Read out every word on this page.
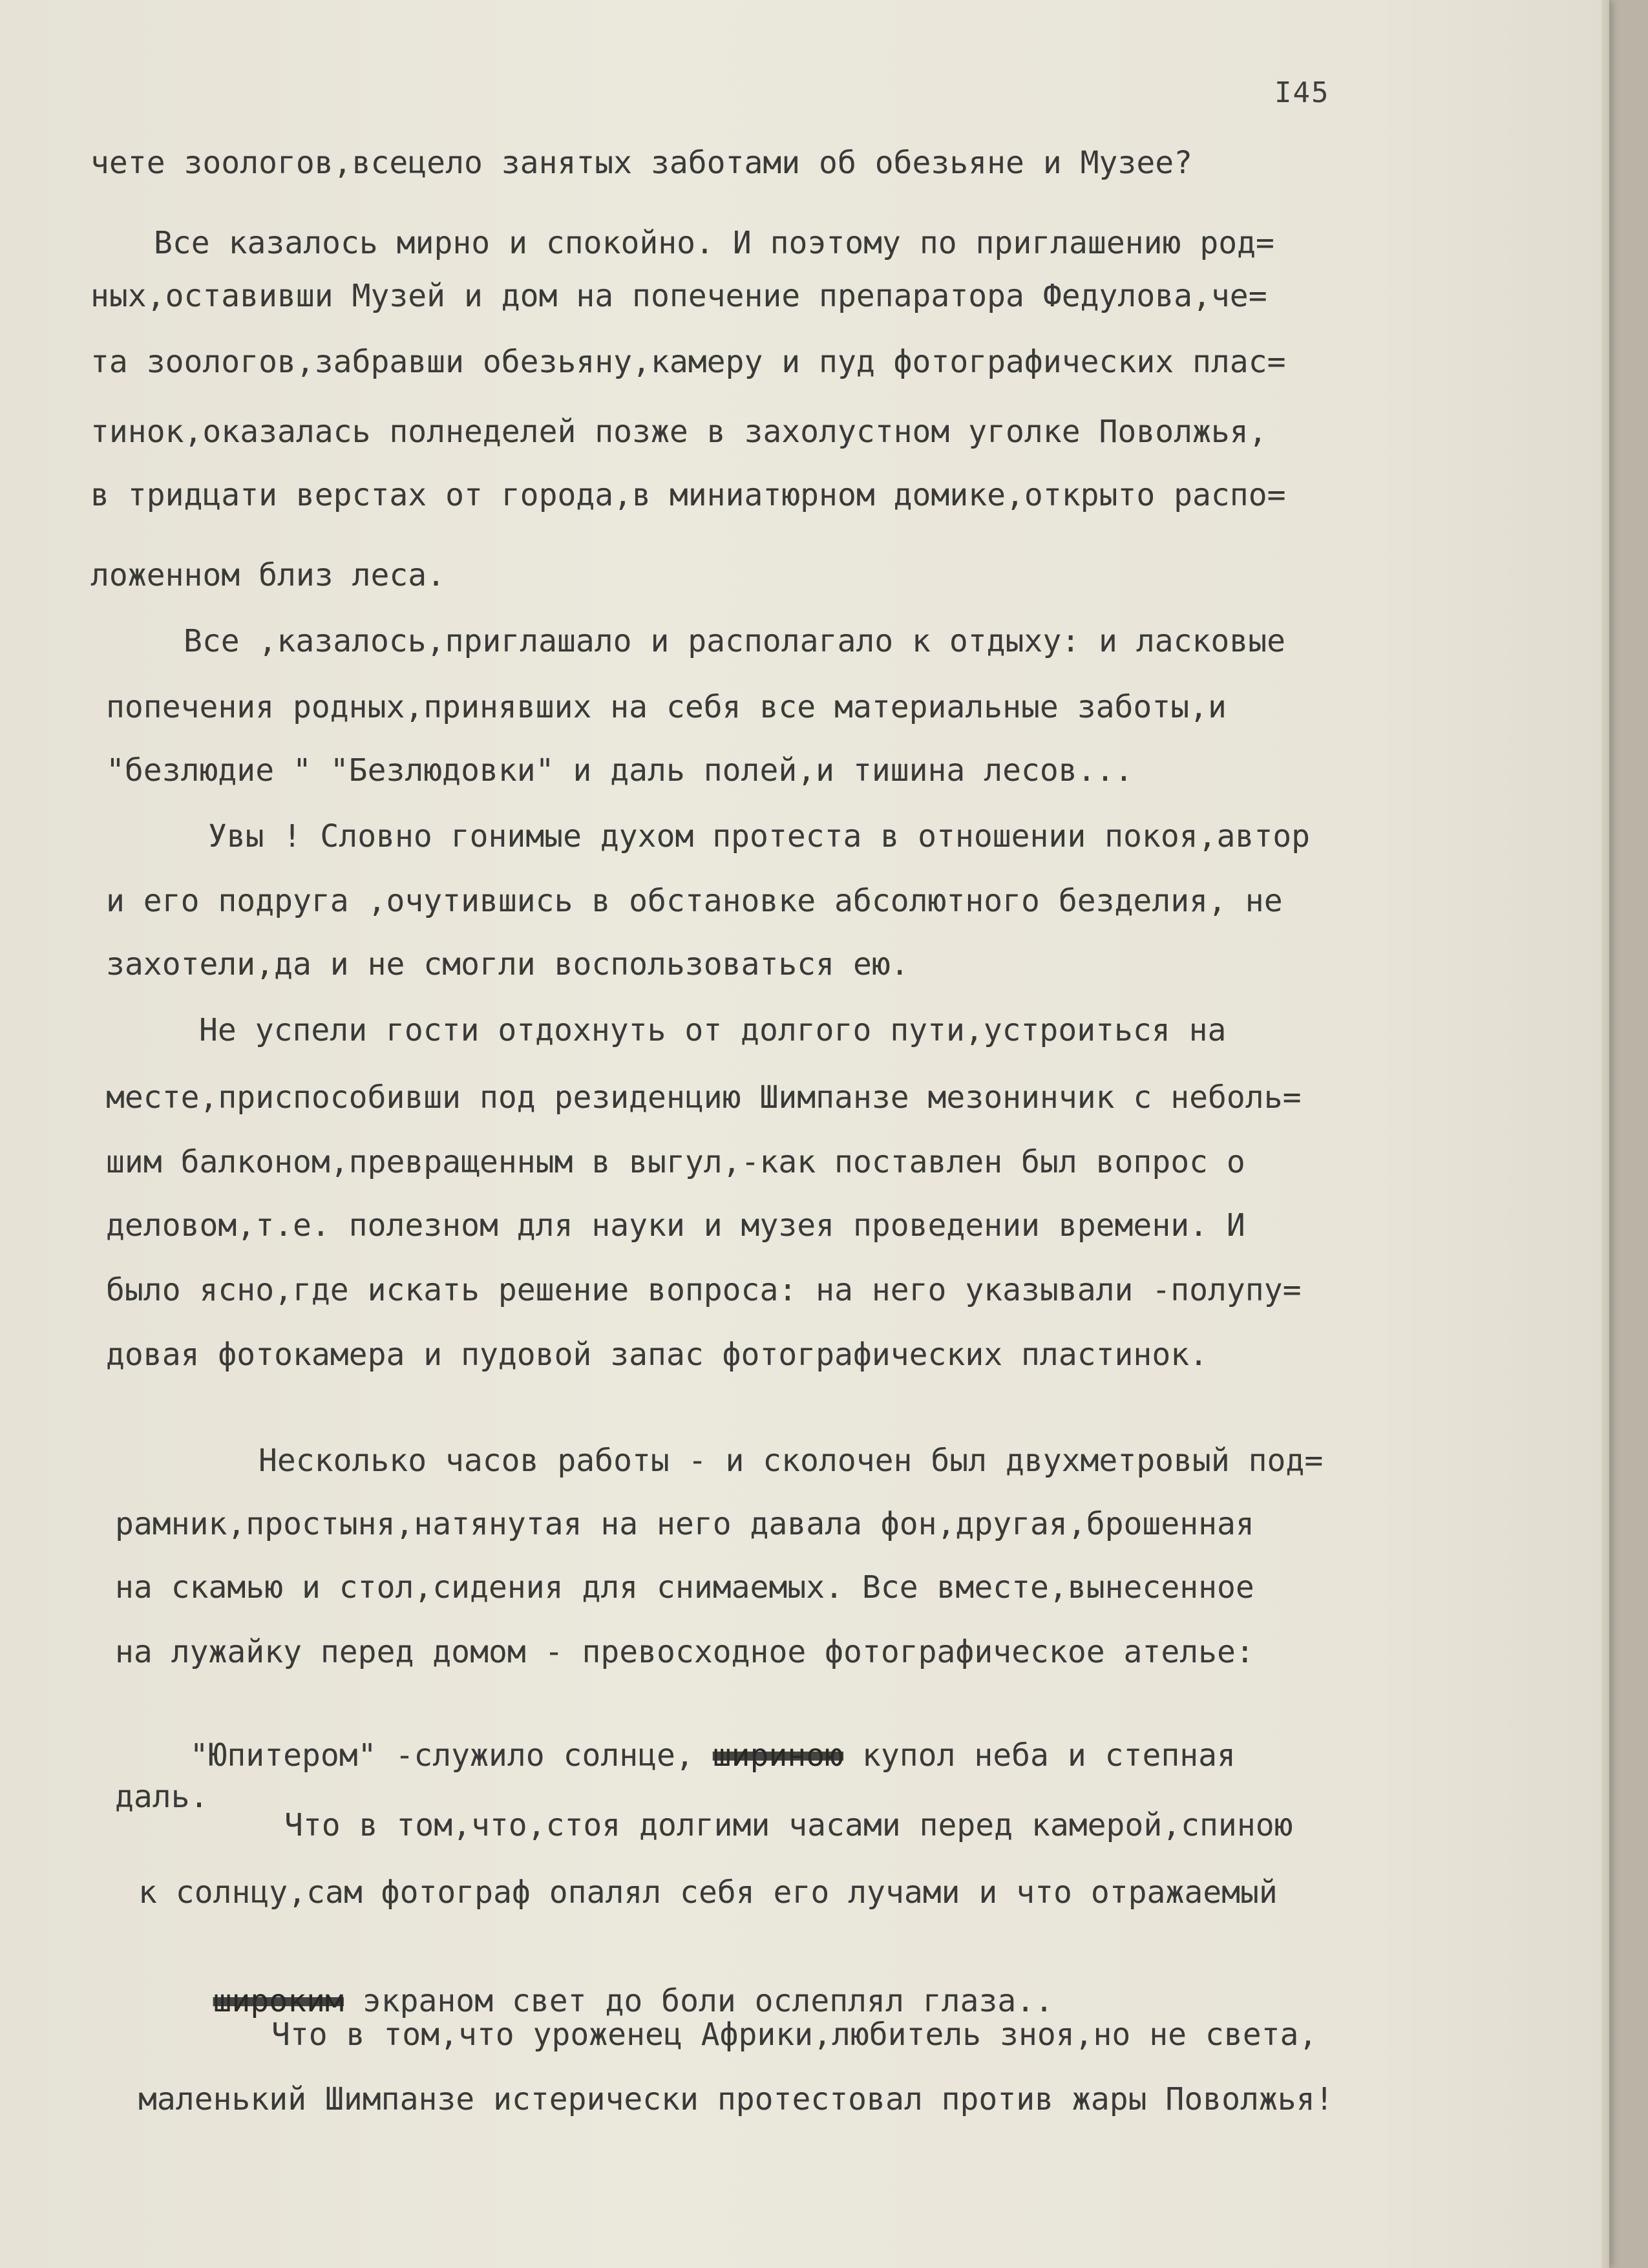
I45
чете зоологов,всецело занятых заботами об обезьяне и Музее?
Все казалось мирно и спокойно. И поэтому по приглашению род=
ных,оставивши Музей и дом на попечение препаратора Федулова,че=
та зоологов,забравши обезьяну,камеру и пуд фотографических плас=
тинок,оказалась полнеделей позже в захолустном уголке Поволжья,
в тридцати верстах от города,в миниатюрном домике,открыто распо=
ложенном близ леса.
Все ,казалось,приглашало и располагало к отдыху: и ласковые
попечения родных,принявших на себя все материальные заботы,и
"безлюдие " "Безлюдовки" и даль полей,и тишина лесов...
Увы ! Словно гонимые духом протеста в отношении покоя,автор
и его подруга ,очутившись в обстановке абсолютного безделия, не
захотели,да и не смогли воспользоваться ею.
Не успели гости отдохнуть от долгого пути,устроиться на
месте,приспособивши под резиденцию Шимпанзе мезонинчик с неболь=
шим балконом,превращенным в выгул,-как поставлен был вопрос о
деловом,т.е. полезном для науки и музея проведении времени. И
было ясно,где искать решение вопроса: на него указывали -полупу=
довая фотокамера и пудовой запас фотографических пластинок.
Несколько часов работы - и сколочен был двухметровый под=
рамник,простыня,натянутая на него давала фон,другая,брошенная
на скамью и стол,сидения для снимаемых. Все вместе,вынесенное
на лужайку перед домом - превосходное фотографическое ателье:

"Юпитером" -служило солнце, шириною купол неба и степная

даль.
Что в том,что,стоя долгими часами перед камерой,спиною
к солнцу,сам фотограф опалял себя его лучами и что отражаемый

широким экраном свет до боли ослеплял глаза..

Что в том,что уроженец Африки,любитель зноя,но не света,
маленький Шимпанзе истерически протестовал против жары Поволжья!
